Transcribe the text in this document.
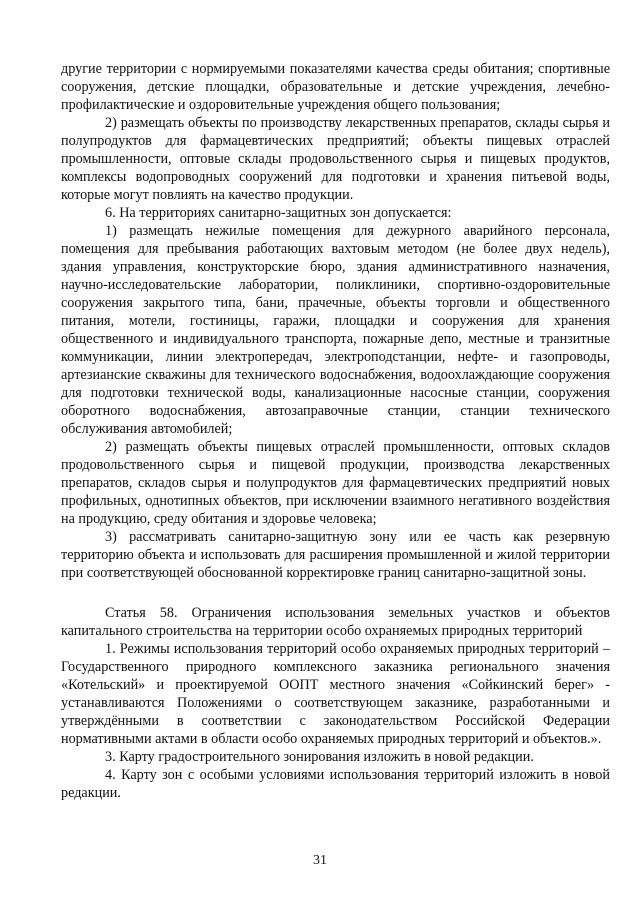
другие территории с нормируемыми показателями качества среды обитания; спортивные сооружения, детские площадки, образовательные и детские учреждения, лечебно-профилактические и оздоровительные учреждения общего пользования;

2) размещать объекты по производству лекарственных препаратов, склады сырья и полупродуктов для фармацевтических предприятий; объекты пищевых отраслей промышленности, оптовые склады продовольственного сырья и пищевых продуктов, комплексы водопроводных сооружений для подготовки и хранения питьевой воды, которые могут повлиять на качество продукции.

6. На территориях санитарно-защитных зон допускается:

1) размещать нежилые помещения для дежурного аварийного персонала, помещения для пребывания работающих вахтовым методом (не более двух недель), здания управления, конструкторские бюро, здания административного назначения, научно-исследовательские лаборатории, поликлиники, спортивно-оздоровительные сооружения закрытого типа, бани, прачечные, объекты торговли и общественного питания, мотели, гостиницы, гаражи, площадки и сооружения для хранения общественного и индивидуального транспорта, пожарные депо, местные и транзитные коммуникации, линии электропередач, электроподстанции, нефте- и газопроводы, артезианские скважины для технического водоснабжения, водоохлаждающие сооружения для подготовки технической воды, канализационные насосные станции, сооружения оборотного водоснабжения, автозаправочные станции, станции технического обслуживания автомобилей;

2) размещать объекты пищевых отраслей промышленности, оптовых складов продовольственного сырья и пищевой продукции, производства лекарственных препаратов, складов сырья и полупродуктов для фармацевтических предприятий новых профильных, однотипных объектов, при исключении взаимного негативного воздействия на продукцию, среду обитания и здоровье человека;

3) рассматривать санитарно-защитную зону или ее часть как резервную территорию объекта и использовать для расширения промышленной и жилой территории при соответствующей обоснованной корректировке границ санитарно-защитной зоны.

Статья 58. Ограничения использования земельных участков и объектов капитального строительства на территории особо охраняемых природных территорий

1. Режимы использования территорий особо охраняемых природных территорий – Государственного природного комплексного заказника регионального значения «Котельский» и проектируемой ООПТ местного значения «Сойкинский берег» - устанавливаются Положениями о соответствующем заказнике, разработанными и утверждёнными в соответствии с законодательством Российской Федерации нормативными актами в области особо охраняемых природных территорий и объектов.».

3. Карту градостроительного зонирования изложить в новой редакции.

4. Карту зон с особыми условиями использования территорий изложить в новой редакции.

31
